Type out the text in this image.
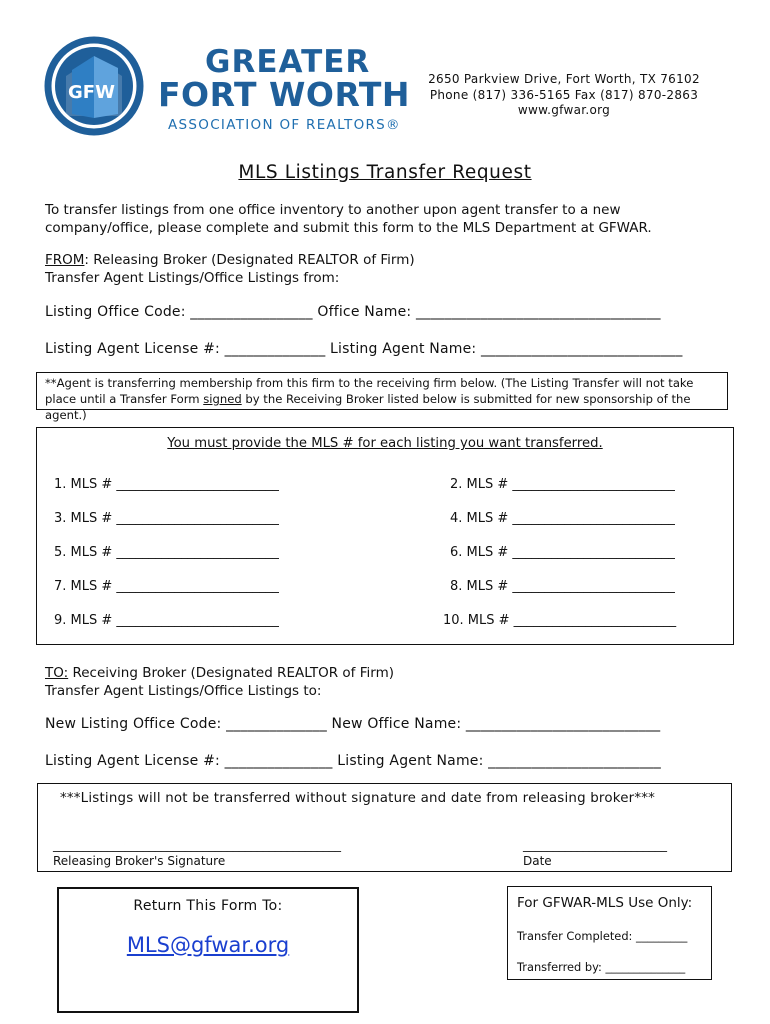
GFW
GREATER
FORT WORTH
ASSOCIATION OF REALTORS®
2650 Parkview Drive, Fort Worth, TX 76102
Phone (817) 336-5165 Fax (817) 870-2863
www.gfwar.org
MLS Listings Transfer Request
To transfer listings from one office inventory to another upon agent transfer to a new company/office, please complete and submit this form to the MLS Department at GFWAR.
FROM: Releasing Broker (Designated REALTOR of Firm)
Transfer Agent Listings/Office Listings from:
Listing Office Code: _________________ Office Name: __________________________________
Listing Agent License #: ______________ Listing Agent Name: ____________________________
**Agent is transferring membership from this firm to the receiving firm below. (The Listing Transfer will not take place until a Transfer Form signed by the Receiving Broker listed below is submitted for new sponsorship of the agent.)
You must provide the MLS # for each listing you want transferred.
1. MLS # _________________________	2. MLS # _________________________
3. MLS # _________________________	4. MLS # _________________________
5. MLS # _________________________	6. MLS # _________________________
7. MLS # _________________________	8. MLS # _________________________
9. MLS # _________________________	10. MLS # _________________________
TO: Receiving Broker (Designated REALTOR of Firm)
Transfer Agent Listings/Office Listings to:
New Listing Office Code: ______________ New Office Name: ___________________________
Listing Agent License #: _______________ Listing Agent Name: ________________________
***Listings will not be transferred without signature and date from releasing broker***
________________________________________________
Releasing Broker's Signature
________________________
Date
Return This Form To:
MLS@gfwar.org
For GFWAR-MLS Use Only:
Transfer Completed: _________
Transferred by: ______________
